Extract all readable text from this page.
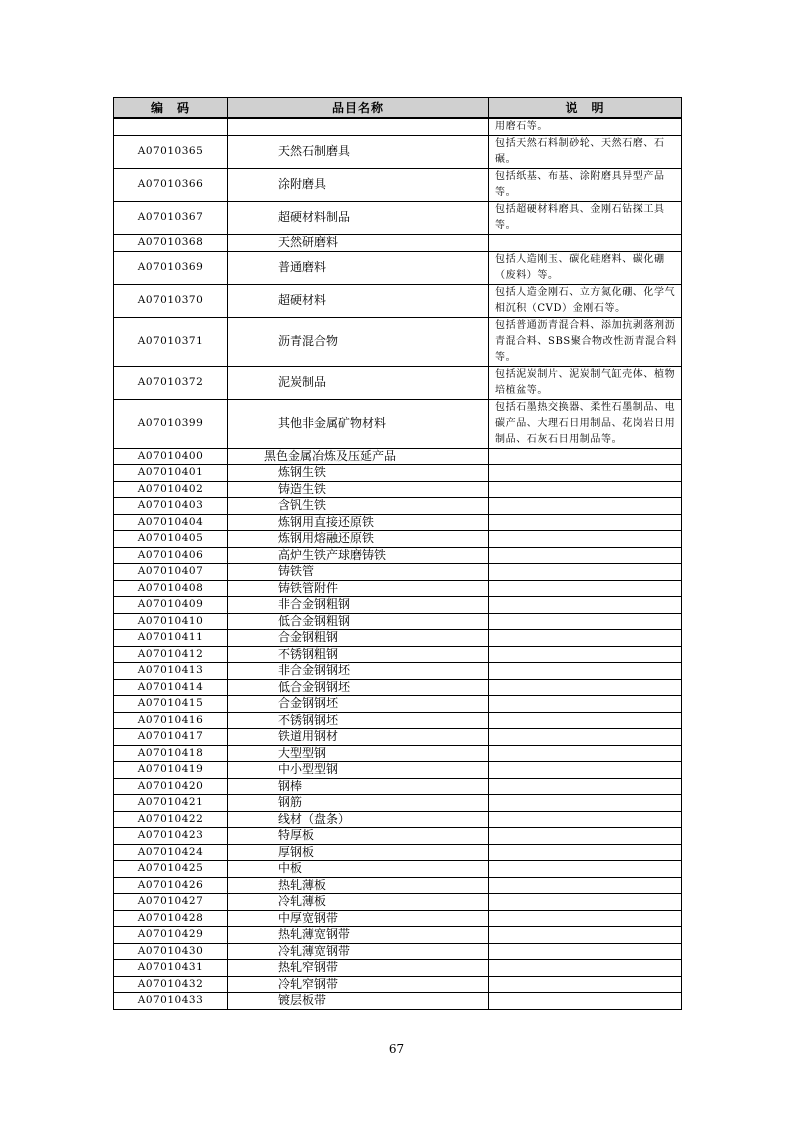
编　码	品目名称	说　明
		用磨石等。
A07010365	天然石制磨具	包括天然石料制砂轮、天然石磨、石碾。
A07010366	涂附磨具	包括纸基、布基、涂附磨具异型产品等。
A07010367	超硬材料制品	包括超硬材料磨具、金刚石钻探工具等。
A07010368	天然研磨料	
A07010369	普通磨料	包括人造刚玉、碳化硅磨料、碳化硼（废料）等。
A07010370	超硬材料	包括人造金刚石、立方氮化硼、化学气相沉积（CVD）金刚石等。
A07010371	沥青混合物	包括普通沥青混合料、添加抗剥落剂沥青混合料、SBS聚合物改性沥青混合料等。
A07010372	泥炭制品	包括泥炭制片、泥炭制气缸壳体、植物培植盆等。
A07010399	其他非金属矿物材料	包括石墨热交换器、柔性石墨制品、电碳产品、大理石日用制品、花岗岩日用制品、石灰石日用制品等。
A07010400	黑色金属冶炼及压延产品	
A07010401	炼钢生铁	
A07010402	铸造生铁	
A07010403	含钒生铁	
A07010404	炼钢用直接还原铁	
A07010405	炼钢用熔融还原铁	
A07010406	高炉生铁产球磨铸铁	
A07010407	铸铁管	
A07010408	铸铁管附件	
A07010409	非合金钢粗钢	
A07010410	低合金钢粗钢	
A07010411	合金钢粗钢	
A07010412	不锈钢粗钢	
A07010413	非合金钢钢坯	
A07010414	低合金钢钢坯	
A07010415	合金钢钢坯	
A07010416	不锈钢钢坯	
A07010417	铁道用钢材	
A07010418	大型型钢	
A07010419	中小型型钢	
A07010420	钢棒	
A07010421	钢筋	
A07010422	线材（盘条）	
A07010423	特厚板	
A07010424	厚钢板	
A07010425	中板	
A07010426	热轧薄板	
A07010427	冷轧薄板	
A07010428	中厚宽钢带	
A07010429	热轧薄宽钢带	
A07010430	冷轧薄宽钢带	
A07010431	热轧窄钢带	
A07010432	冷轧窄钢带	
A07010433	镀层板带	
67
